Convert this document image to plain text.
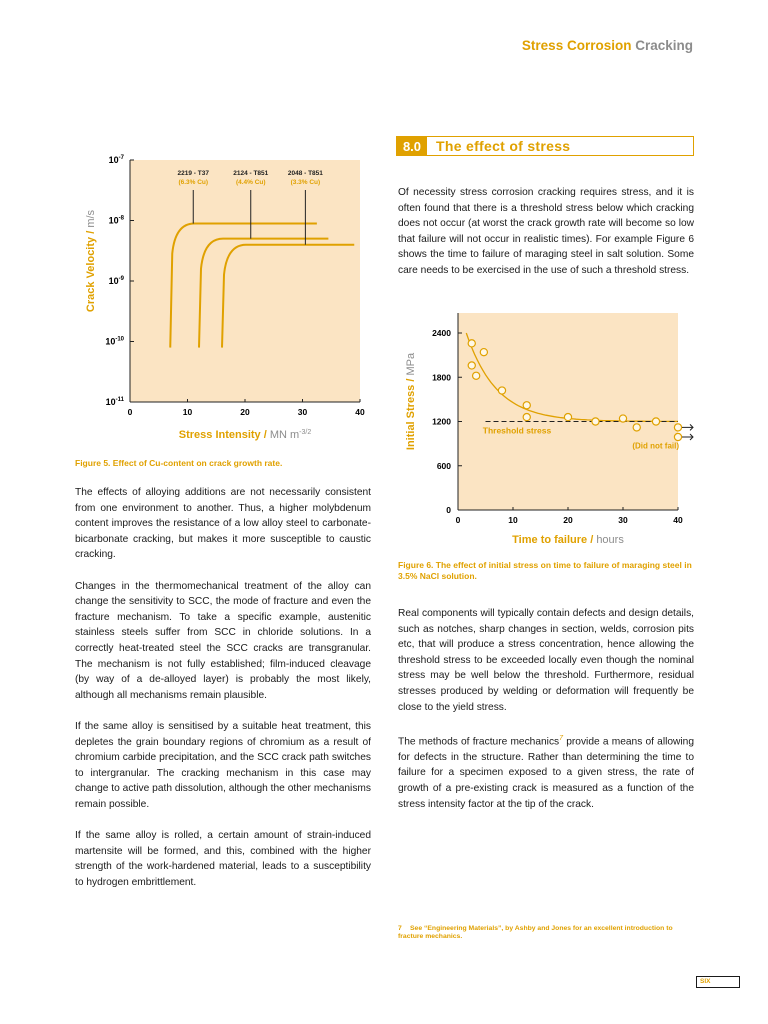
Stress Corrosion Cracking
$10^{-7}$
$10^{-8}$
$10^{-9}$
$10^{-10}$
$10^{-11}$
0	10	20	30	40
2219 - T37
(6.3% Cu)
2124 - T851
(4.4% Cu)
2048 - T851
(3.3% Cu)
Stress Intensity / MN $m^{-3/2}$
Crack Velocity / m/s
Figure 5. Effect of Cu-content on crack growth rate.

The effects of alloying additions are not necessarily consistent from one environment to another. Thus, a higher molybdenum content improves the resistance of a low alloy steel to carbonate-bicarbonate cracking, but makes it more susceptible to caustic cracking.

Changes in the thermomechanical treatment of the alloy can change the sensitivity to SCC, the mode of fracture and even the fracture mechanism. To take a specific example, austenitic stainless steels suffer from SCC in chloride solutions. In a correctly heat-treated steel the SCC cracks are transgranular. The mechanism is not fully established; film-induced cleavage (by way of a de-alloyed layer) is probably the most likely, although all mechanisms remain plausible.

If the same alloy is sensitised by a suitable heat treatment, this depletes the grain boundary regions of chromium as a result of chromium carbide precipitation, and the SCC crack path switches to intergranular. The cracking mechanism in this case may change to active path dissolution, although the other mechanisms remain possible.

If the same alloy is rolled, a certain amount of strain-induced martensite will be formed, and this, combined with the higher strength of the work-hardened material, leads to a susceptibility to hydrogen embrittlement.

8.0	The effect of stress

Of necessity stress corrosion cracking requires stress, and it is often found that there is a threshold stress below which cracking does not occur (at worst the crack growth rate will become so low that failure will not occur in realistic times). For example Figure 6 shows the time to failure of maraging steel in salt solution. Some care needs to be exercised in the use of such a threshold stress.

0
600
1200
1800
2400
0	10	20	30	40
Threshold stress
(Did not fail)
Time to failure / hours
Initial Stress / MPa
Figure 6. The effect of initial stress on time to failure of maraging steel in 3.5% NaCl solution.

Real components will typically contain defects and design details, such as notches, sharp changes in section, welds, corrosion pits etc, that will produce a stress concentration, hence allowing the threshold stress to be exceeded locally even though the nominal stress may be well below the threshold. Furthermore, residual stresses produced by welding or deformation will frequently be close to the yield stress.

The methods of fracture mechanics$^7$ provide a means of allowing for defects in the structure. Rather than determining the time to failure for a specimen exposed to a given stress, the rate of growth of a pre-existing crack is measured as a function of the stress intensity factor at the tip of the crack.

7 See “Engineering Materials”, by Ashby and Jones for an excellent introduction to fracture mechanics.
SIX
